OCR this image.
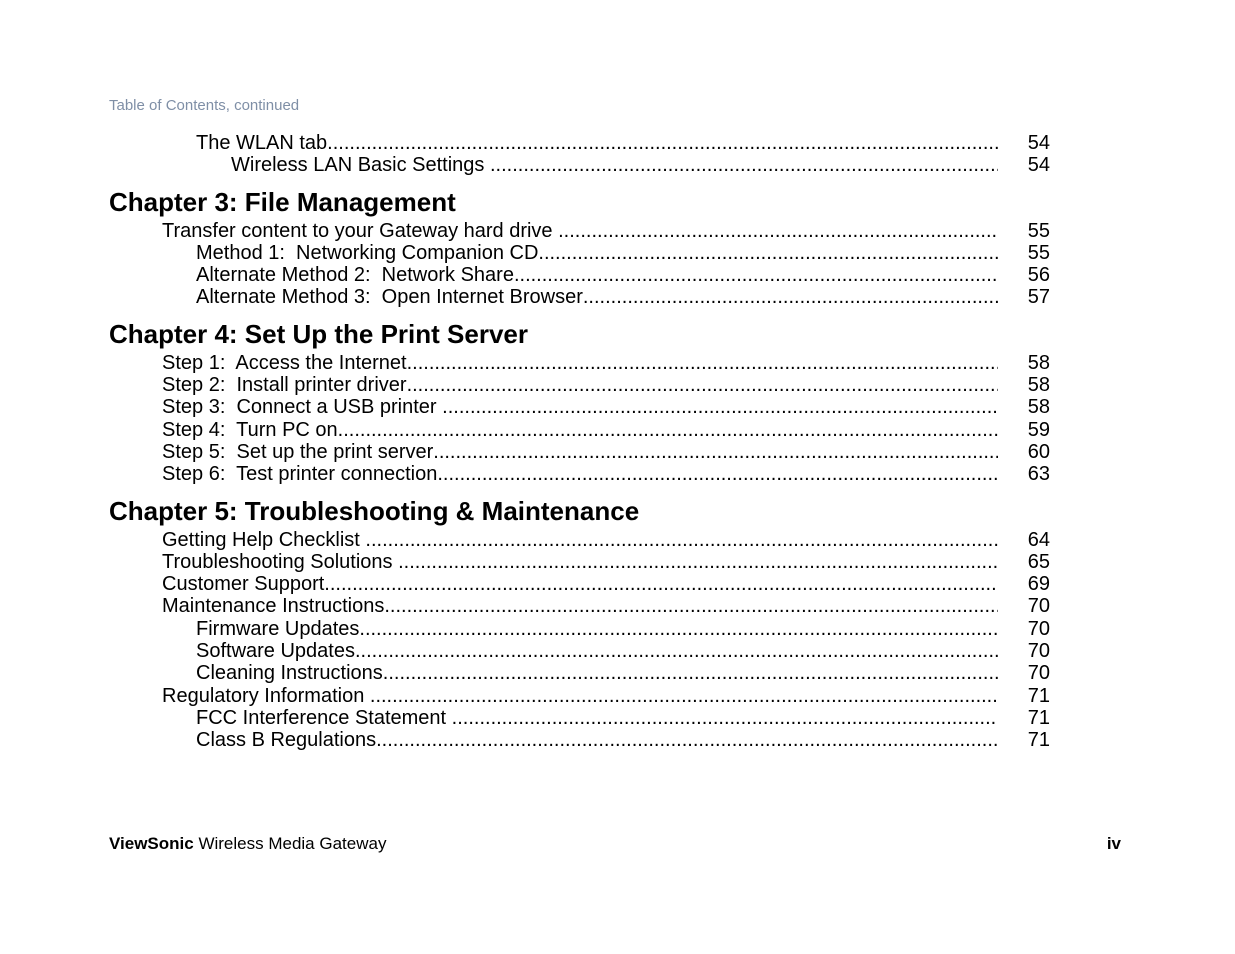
Table of Contents, continued
The WLAN tab .....	54
Wireless LAN Basic Settings .....	54
Chapter 3: File Management
Transfer content to your Gateway hard drive .....	55
Method 1:  Networking Companion CD .....	55
Alternate Method 2:  Network Share .....	56
Alternate Method 3:  Open Internet Browser .....	57
Chapter 4: Set Up the Print Server
Step 1:  Access the Internet .....	58
Step 2:  Install printer driver .....	58
Step 3:  Connect a USB printer .....	58
Step 4:  Turn PC on .....	59
Step 5:  Set up the print server .....	60
Step 6:  Test printer connection .....	63
Chapter 5: Troubleshooting & Maintenance
Getting Help Checklist .....	64
Troubleshooting Solutions .....	65
Customer Support .....	69
Maintenance Instructions .....	70
Firmware Updates .....	70
Software Updates .....	70
Cleaning Instructions .....	70
Regulatory Information .....	71
FCC Interference Statement .....	71
Class B Regulations .....	71
ViewSonic Wireless Media Gateway	iv
